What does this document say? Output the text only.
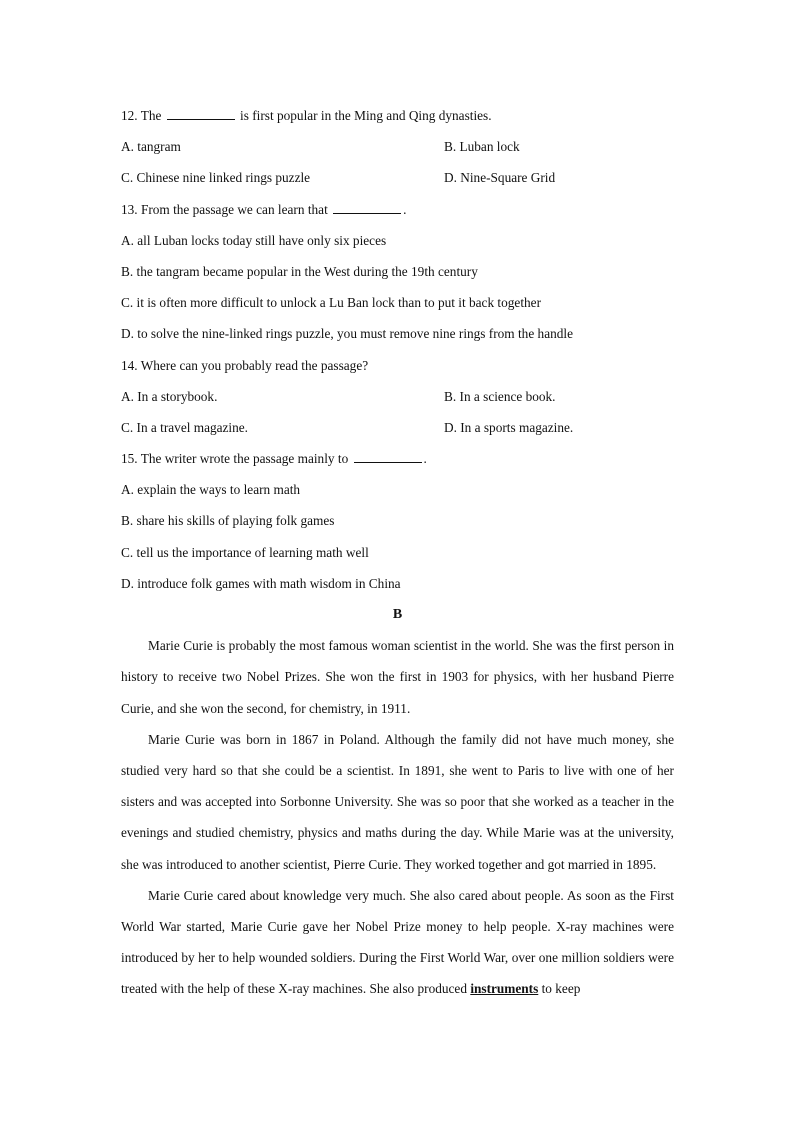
12. The	is first popular in the Ming and Qing dynasties.
A. tangram	B. Luban lock
C. Chinese nine linked rings puzzle	D. Nine-Square Grid
13. From the passage we can learn that	.
A. all Luban locks today still have only six pieces
B. the tangram became popular in the West during the 19th century
C. it is often more difficult to unlock a Lu Ban lock than to put it back together
D. to solve the nine-linked rings puzzle, you must remove nine rings from the handle
14. Where can you probably read the passage?
A. In a storybook.	B. In a science book.
C. In a travel magazine.	D. In a sports magazine.
15. The writer wrote the passage mainly to	.
A. explain the ways to learn math
B. share his skills of playing folk games
C. tell us the importance of learning math well
D. introduce folk games with math wisdom in China
B

Marie Curie is probably the most famous woman scientist in the world. She was the first person in history to receive two Nobel Prizes. She won the first in 1903 for physics, with her husband Pierre Curie, and she won the second, for chemistry, in 1911.

Marie Curie was born in 1867 in Poland. Although the family did not have much money, she studied very hard so that she could be a scientist. In 1891, she went to Paris to live with one of her sisters and was accepted into Sorbonne University. She was so poor that she worked as a teacher in the evenings and studied chemistry, physics and maths during the day. While Marie was at the university, she was introduced to another scientist, Pierre Curie. They worked together and got married in 1895.

Marie Curie cared about knowledge very much. She also cared about people. As soon as the First World War started, Marie Curie gave her Nobel Prize money to help people. X-ray machines were introduced by her to help wounded soldiers. During the First World War, over one million soldiers were treated with the help of these X-ray machines. She also produced instruments to keep
